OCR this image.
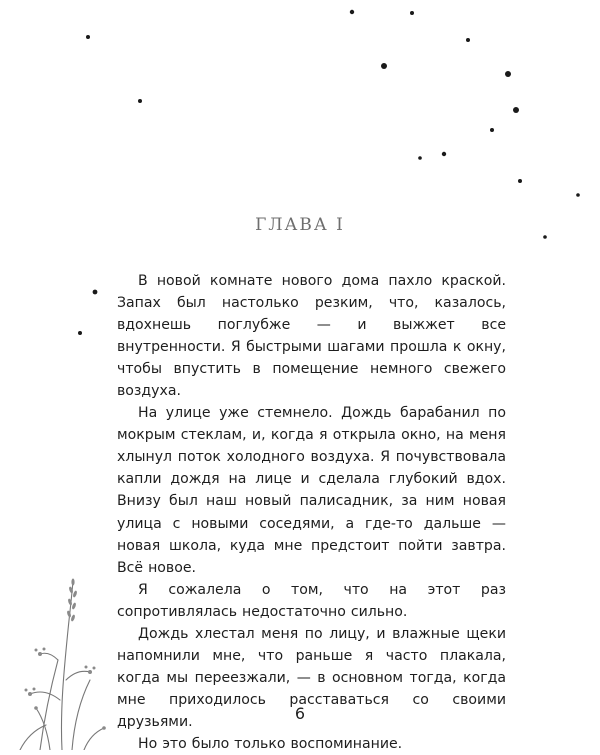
ГЛАВА I

В новой комнате нового дома пахло краской. Запах был настолько резким, что, казалось, вдохнешь поглубже — и выжжет все внутренности. Я быстрыми шагами прошла к окну, чтобы впустить в помещение немного свежего воздуха.

На улице уже стемнело. Дождь барабанил по мокрым стеклам, и, когда я открыла окно, на меня хлынул поток холодного воздуха. Я почувствовала капли дождя на лице и сделала глубокий вдох. Внизу был наш новый палисадник, за ним новая улица с новыми соседями, а где-то дальше — новая школа, куда мне предстоит пойти завтра. Всё новое.

Я сожалела о том, что на этот раз сопротивлялась недостаточно сильно.

Дождь хлестал меня по лицу, и влажные щеки напомнили мне, что раньше я часто плакала, когда мы переезжали, — в основном тогда, когда мне приходилось расставаться со своими друзьями.

Но это было только воспоминание.

6
